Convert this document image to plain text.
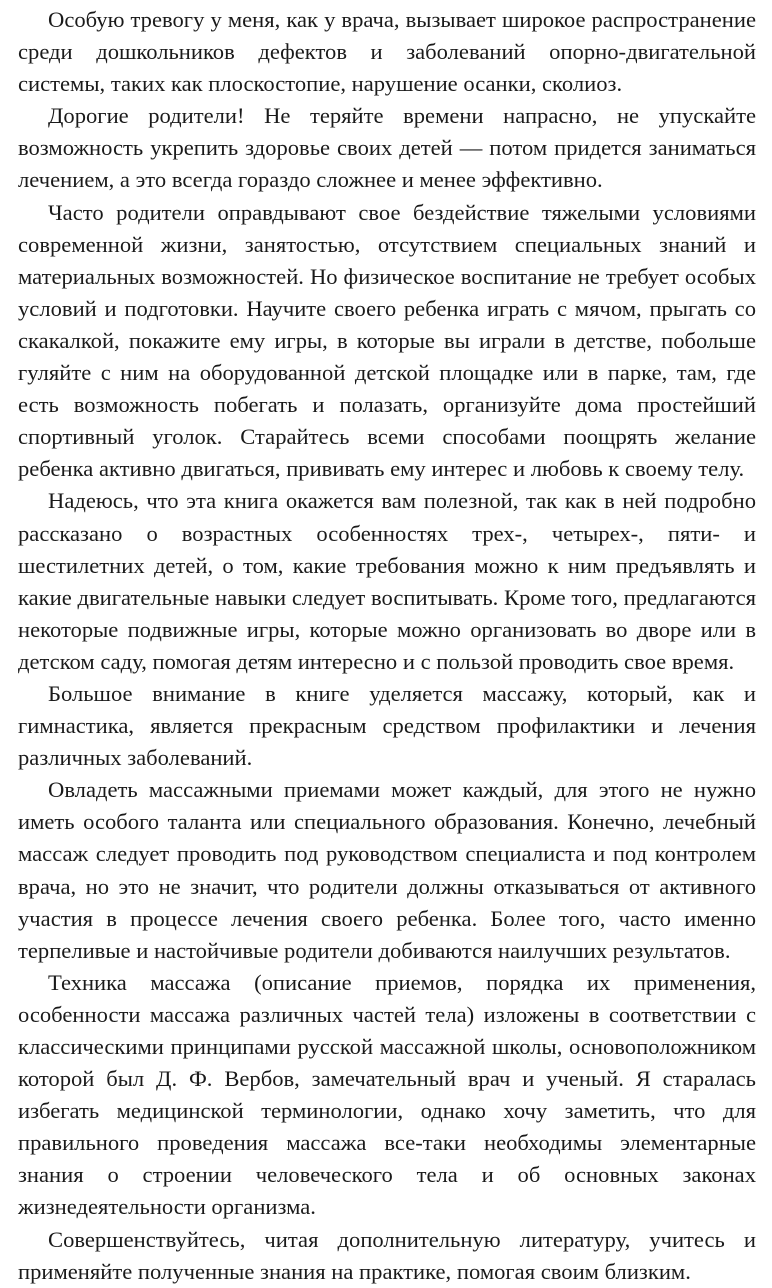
Особую тревогу у меня, как у врача, вызывает широкое распространение среди дошкольников дефектов и заболеваний опорно-двигательной системы, таких как плоскостопие, нарушение осанки, сколиоз.

Дорогие родители! Не теряйте времени напрасно, не упускайте возможность укрепить здоровье своих детей — потом придется заниматься лечением, а это всегда гораздо сложнее и менее эффективно.

Часто родители оправдывают свое бездействие тяжелыми условиями современной жизни, занятостью, отсутствием специальных знаний и материальных возможностей. Но физическое воспитание не требует особых условий и подготовки. Научите своего ребенка играть с мячом, прыгать со скакалкой, покажите ему игры, в которые вы играли в детстве, побольше гуляйте с ним на оборудованной детской площадке или в парке, там, где есть возможность побегать и полазать, организуйте дома простейший спортивный уголок. Старайтесь всеми способами поощрять желание ребенка активно двигаться, прививать ему интерес и любовь к своему телу.

Надеюсь, что эта книга окажется вам полезной, так как в ней подробно рассказано о возрастных особенностях трех-, четырех-, пяти- и шестилетних детей, о том, какие требования можно к ним предъявлять и какие двигательные навыки следует воспитывать. Кроме того, предлагаются некоторые подвижные игры, которые можно организовать во дворе или в детском саду, помогая детям интересно и с пользой проводить свое время.

Большое внимание в книге уделяется массажу, который, как и гимнастика, является прекрасным средством профилактики и лечения различных заболеваний.

Овладеть массажными приемами может каждый, для этого не нужно иметь особого таланта или специального образования. Конечно, лечебный массаж следует проводить под руководством специалиста и под контролем врача, но это не значит, что родители должны отказываться от активного участия в процессе лечения своего ребенка. Более того, часто именно терпеливые и настойчивые родители добиваются наилучших результатов.

Техника массажа (описание приемов, порядка их применения, особенности массажа различных частей тела) изложены в соответствии с классическими принципами русской массажной школы, основоположником которой был Д. Ф. Вербов, замечательный врач и ученый. Я старалась избегать медицинской терминологии, однако хочу заметить, что для правильного проведения массажа все-таки необходимы элементарные знания о строении человеческого тела и об основных законах жизнедеятельности организма.

Совершенствуйтесь, читая дополнительную литературу, учитесь и применяйте полученные знания на практике, помогая своим близким.
